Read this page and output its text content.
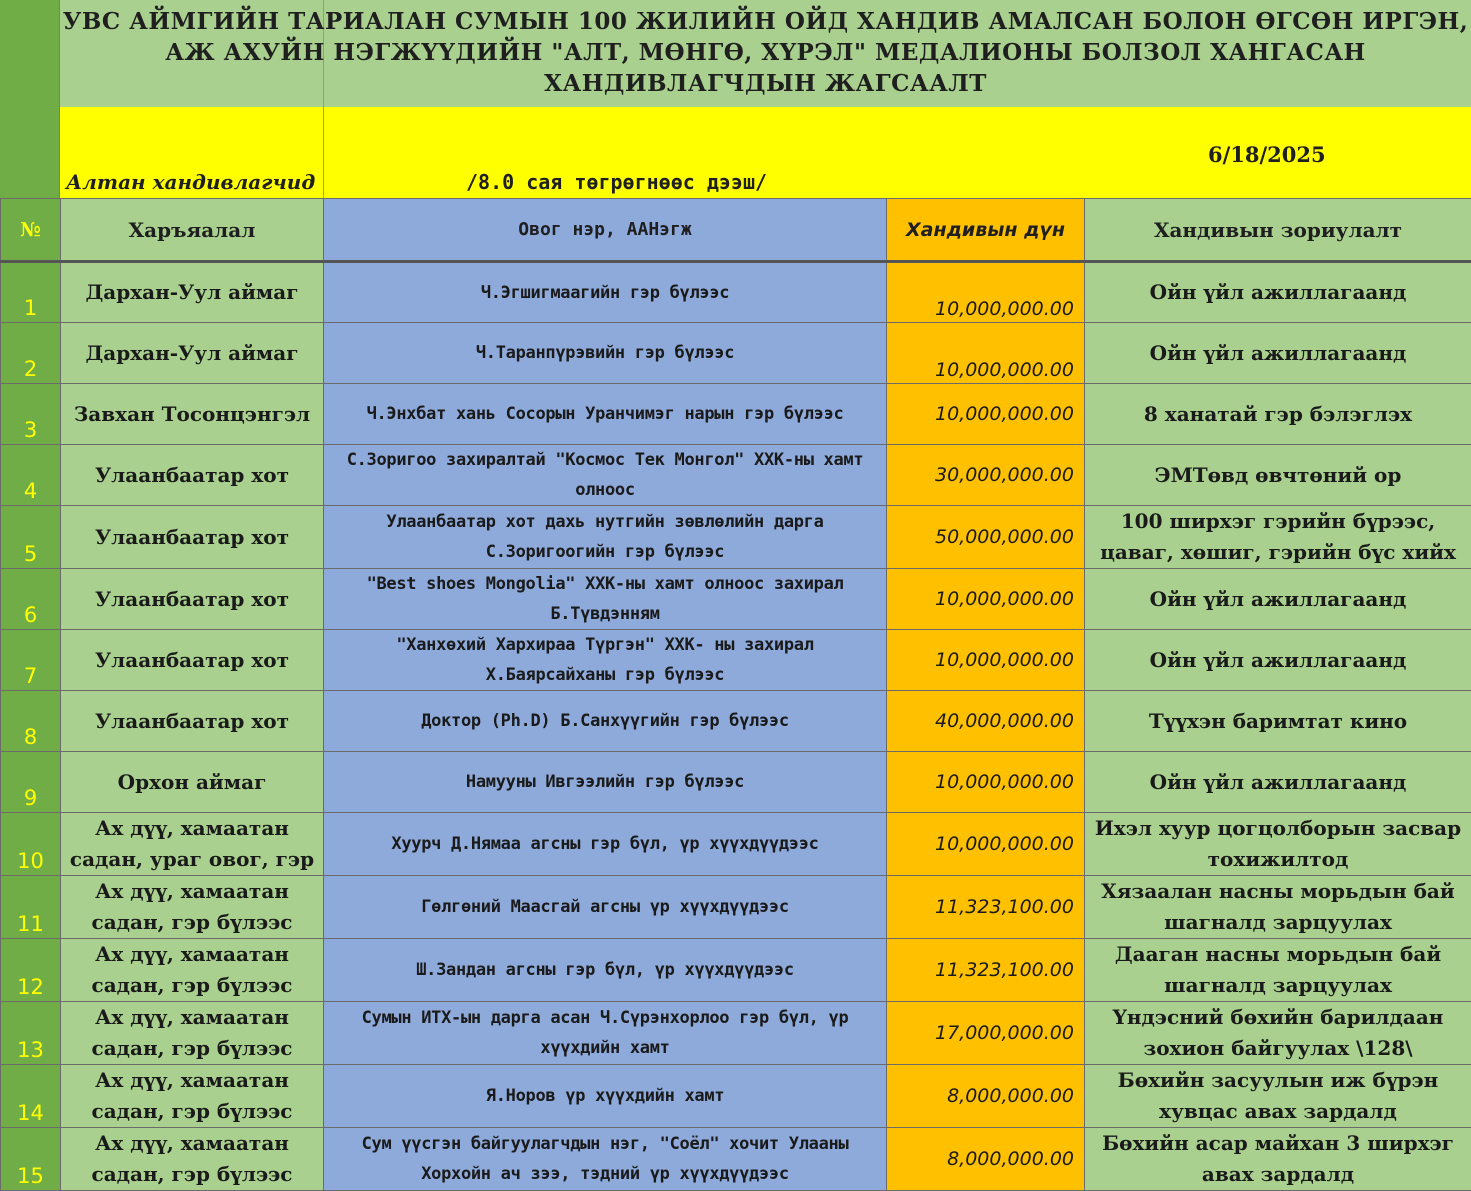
УВС АЙМГИЙН ТАРИАЛАН СУМЫН 100 ЖИЛИЙН ОЙД ХАНДИВ АМАЛСАН БОЛОН ӨГСӨН ИРГЭН, АЖ АХУЙН НЭГЖҮҮДИЙН "АЛТ, МӨНГӨ, ХҮРЭЛ" МЕДАЛИОНЫ БОЛЗОЛ ХАНГАСАН ХАНДИВЛАГЧДЫН ЖАГСААЛТ
Алтан хандивлагчид	/8.0 сая төгрөгнөөс дээш/
6/18/2025
№	Харъяалал	Овог нэр, ААНэгж	Хандивын дүн	Хандивын зориулалт
1	Дархан-Уул аймаг	Ч.Эгшигмаагийн гэр бүлээс	10,000,000.00	Ойн үйл ажиллагаанд
2	Дархан-Уул аймаг	Ч.Таранпүрэвийн гэр бүлээс	10,000,000.00	Ойн үйл ажиллагаанд
3	Завхан Тосонцэнгэл	Ч.Энхбат хань Сосорын Уранчимэг нарын гэр бүлээс	10,000,000.00	8 ханатай гэр бэлэглэх
4	Улаанбаатар хот	С.Зоригоо захиралтай "Космос Тек Монгол" ХХК-ны хамт олноос	30,000,000.00	ЭМТөвд өвчтөний ор
5	Улаанбаатар хот	Улаанбаатар хот дахь нутгийн зөвлөлийн дарга С.Зоригоогийн гэр бүлээс	50,000,000.00	100 ширхэг гэрийн бүрээс, цаваг, хөшиг, гэрийн бүс хийх
6	Улаанбаатар хот	"Best shoes Mongolia" ХХК-ны хамт олноос захирал Б.Түвдэнням	10,000,000.00	Ойн үйл ажиллагаанд
7	Улаанбаатар хот	"Ханхөхий Хархираа Түргэн" ХХК- ны захирал Х.Баярсайханы гэр бүлээс	10,000,000.00	Ойн үйл ажиллагаанд
8	Улаанбаатар хот	Доктор (Ph.D) Б.Санхүүгийн гэр бүлээс	40,000,000.00	Түүхэн баримтат кино
9	Орхон аймаг	Намууны Ивгээлийн гэр бүлээс	10,000,000.00	Ойн үйл ажиллагаанд
10	Ах дүү, хамаатан садан, ураг овог, гэр	Хуурч Д.Нямаа агсны гэр бүл, үр хүүхдүүдээс	10,000,000.00	Ихэл хуур цогцолборын засвар тохижилтод
11	Ах дүү, хамаатан садан, гэр бүлээс	Гөлгөний Маасгай агсны үр хүүхдүүдээс	11,323,100.00	Хязаалан насны морьдын бай шагналд зарцуулах
12	Ах дүү, хамаатан садан, гэр бүлээс	Ш.Зандан агсны гэр бүл, үр хүүхдүүдээс	11,323,100.00	Дааган насны морьдын бай шагналд зарцуулах
13	Ах дүү, хамаатан садан, гэр бүлээс	Сумын ИТХ-ын дарга асан Ч.Сүрэнхорлоо гэр бүл, үр хүүхдийн хамт	17,000,000.00	Үндэсний бөхийн барилдаан зохион байгуулах \128\
14	Ах дүү, хамаатан садан, гэр бүлээс	Я.Норов үр хүүхдийн хамт	8,000,000.00	Бөхийн засуулын иж бүрэн хувцас авах зардалд
15	Ах дүү, хамаатан садан, гэр бүлээс	Сум үүсгэн байгуулагчдын нэг, "Соёл" хочит Улааны Хорхойн ач зээ, тэдний үр хүүхдүүдээс	8,000,000.00	Бөхийн асар майхан 3 ширхэг авах зардалд
